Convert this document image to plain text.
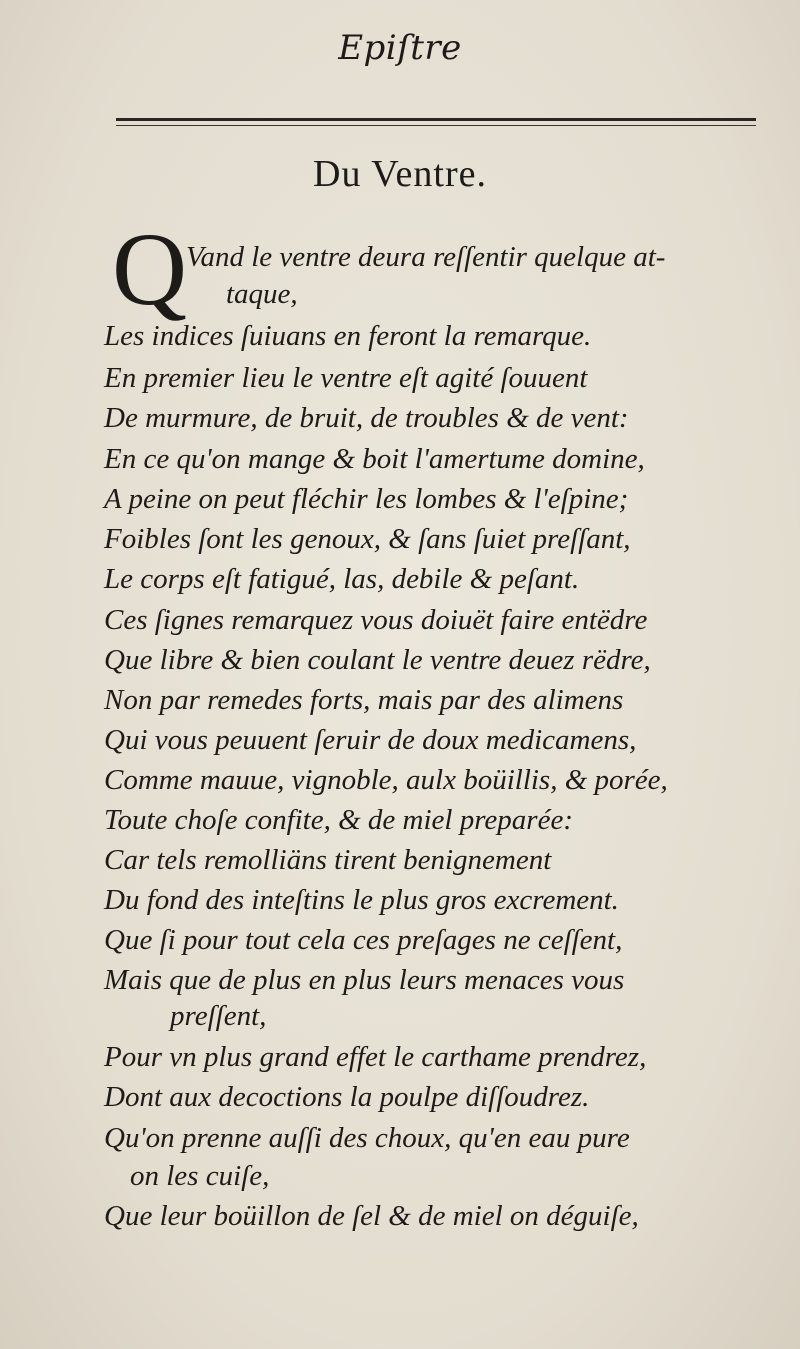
Epiſtre
Du Ventre.
Q
Vand le ventre deura reſſentir quelque at-
taque,
Les indices ſuiuans en feront la remarque.
En premier lieu le ventre eſt agité ſouuent
De murmure, de bruit, de troubles & de vent:
En ce qu'on mange & boit l'amertume domine,
A peine on peut fléchir les lombes & l'eſpine;
Foibles ſont les genoux, & ſans ſuiet preſſant,
Le corps eſt fatigué, las, debile & peſant.
Ces ſignes remarquez vous doiuët faire entëdre
Que libre & bien coulant le ventre deuez rëdre,
Non par remedes forts, mais par des alimens
Qui vous peuuent ſeruir de doux medicamens,
Comme mauue, vignoble, aulx boüillis, & porée,
Toute choſe confite, & de miel preparée:
Car tels remolliäns tirent benignement
Du fond des inteſtins le plus gros excrement.
Que ſi pour tout cela ces preſages ne ceſſent,
Mais que de plus en plus leurs menaces vous
preſſent,
Pour vn plus grand effet le carthame prendrez,
Dont aux decoctions la poulpe diſſoudrez.
Qu'on prenne auſſi des choux, qu'en eau pure
on les cuiſe,
Que leur boüillon de ſel & de miel on déguiſe,
